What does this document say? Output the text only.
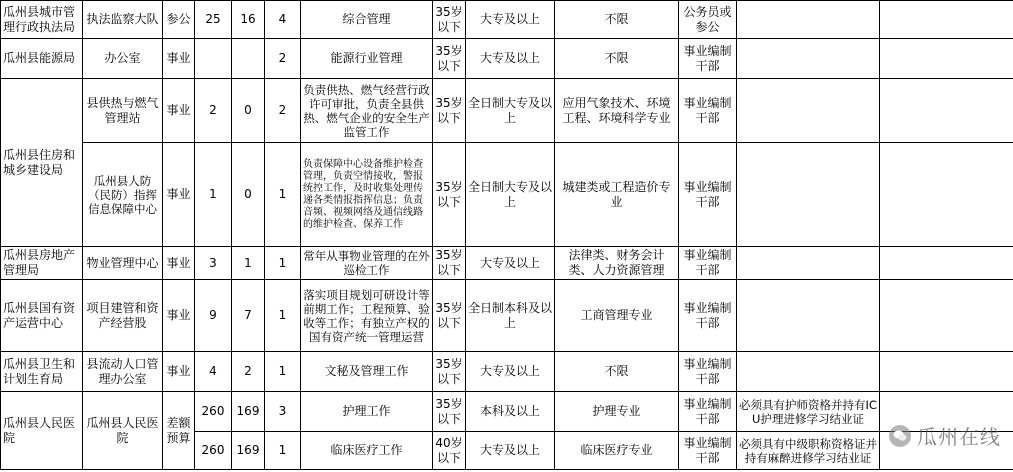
瓜州县城市管理行政执法局	执法监察大队	参公	25	16	4	综合管理	35岁以下	大专及以上	不限	公务员或参公			
瓜州县能源局	办公室	事业			2	能源行业管理	35岁以下	大专及以上	不限	事业编制干部			
瓜州县住房和城乡建设局	县供热与燃气管理站	事业	2	0	2	负责供热、燃气经营行政许可审批，负责全县供热、燃气企业的安全生产监管工作	35岁以下	全日制大专及以上	应用气象技术、环境工程、环境科学专业	事业编制干部			
	瓜州县人防（民防）指挥信息保障中心	事业	1	0	1	负责保障中心设备维护检查管理，负责空情接收，警报统控工作，及时收集处理传递各类情报指挥信息；负责音频、视频网络及通信线路的维护检查、保养工作	35岁以下	全日制大专及以上	城建类或工程造价专业	事业编制干部			
瓜州县房地产管理局	物业管理中心	事业	3	1	1	常年从事物业管理的在外巡检工作	35岁以下	大专及以上	法律类、财务会计类、人力资源管理	事业编制干部			
瓜州县国有资产运营中心	项目建管和资产经营股	事业	9	7	1	落实项目规划可研设计等前期工作；工程预算、验收等工作；有独立产权的国有资产统一管理运营	35岁以下	全日制本科及以上	工商管理专业	事业编制干部			
瓜州县卫生和计划生育局	县流动人口管理办公室	事业	4	2	1	文秘及管理工作	35岁以下	大专及以上	不限	事业编制干部			
瓜州县人民医院	瓜州县人民医院	差额预算	260	169	3	护理工作	35岁以下	本科及以上	护理专业	事业编制干部	必须具有护师资格并持有ICU护理进修学习结业证		
			260	169	1	临床医疗工作	40岁以下	大专及以上	临床医疗专业	事业编制干部	必须具有中级职称资格证并持有麻醉进修学习结业证		
瓜州在线
